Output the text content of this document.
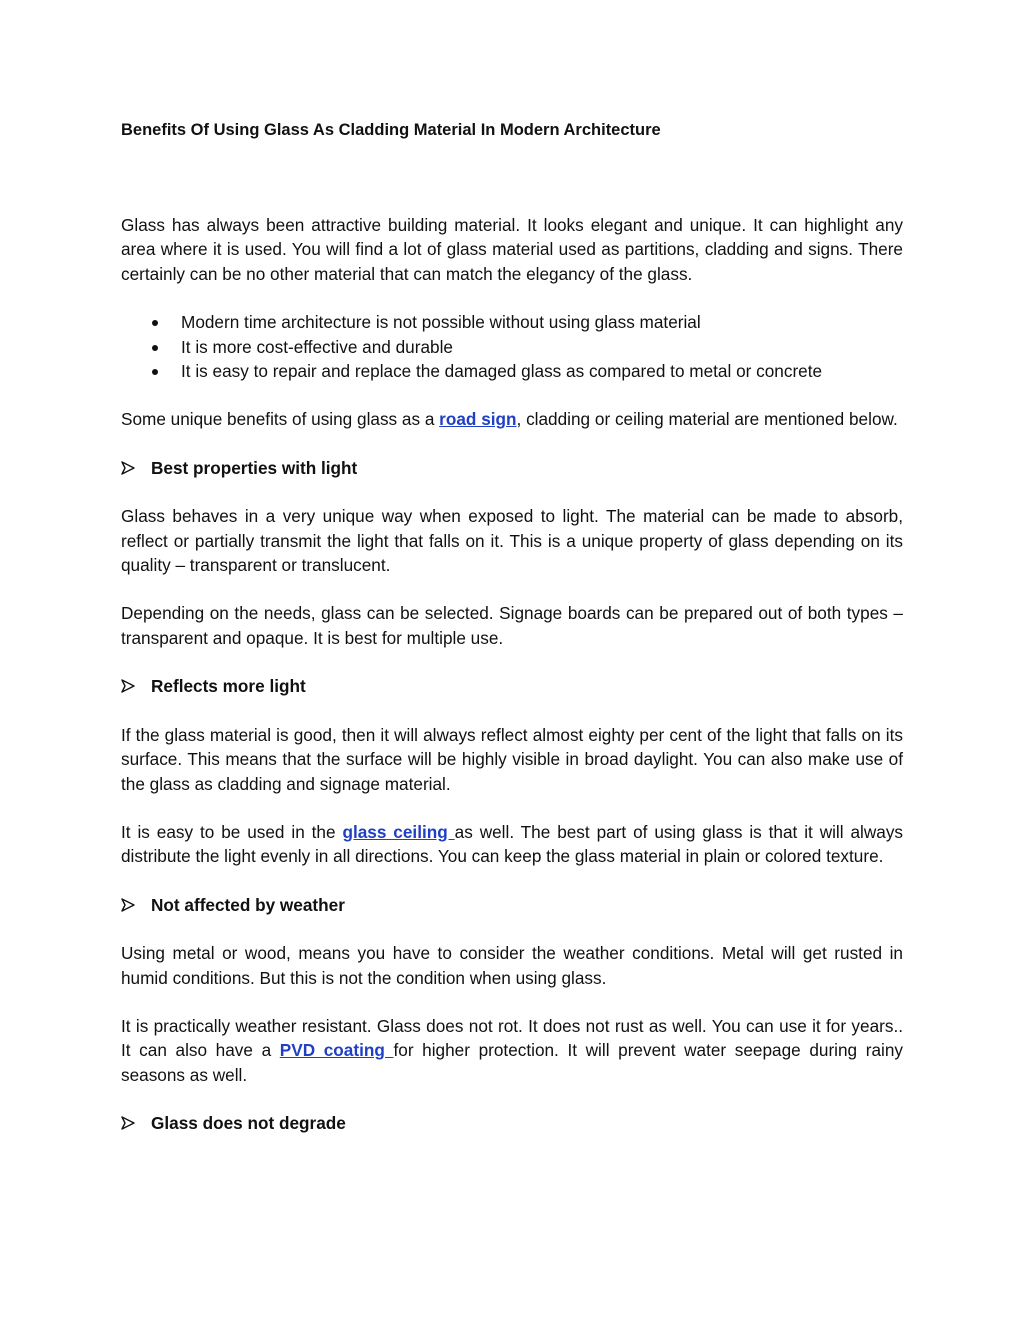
Benefits Of Using Glass As Cladding Material In Modern Architecture

Glass has always been attractive building material. It looks elegant and unique. It can highlight any area where it is used. You will find a lot of glass material used as partitions, cladding and signs. There certainly can be no other material that can match the elegancy of the glass.

Modern time architecture is not possible without using glass material
It is more cost-effective and durable
It is easy to repair and replace the damaged glass as compared to metal or concrete

Some unique benefits of using glass as a road sign, cladding or ceiling material are mentioned below.

Best properties with light

Glass behaves in a very unique way when exposed to light. The material can be made to absorb, reflect or partially transmit the light that falls on it. This is a unique property of glass depending on its quality – transparent or translucent.

Depending on the needs, glass can be selected. Signage boards can be prepared out of both types – transparent and opaque. It is best for multiple use.

Reflects more light

If the glass material is good, then it will always reflect almost eighty per cent of the light that falls on its surface. This means that the surface will be highly visible in broad daylight. You can also make use of the glass as cladding and signage material.

It is easy to be used in the glass ceiling as well. The best part of using glass is that it will always distribute the light evenly in all directions. You can keep the glass material in plain or colored texture.

Not affected by weather

Using metal or wood, means you have to consider the weather conditions. Metal will get rusted in humid conditions. But this is not the condition when using glass.

It is practically weather resistant. Glass does not rot. It does not rust as well. You can use it for years.. It can also have a PVD coating for higher protection. It will prevent water seepage during rainy seasons as well.

Glass does not degrade
